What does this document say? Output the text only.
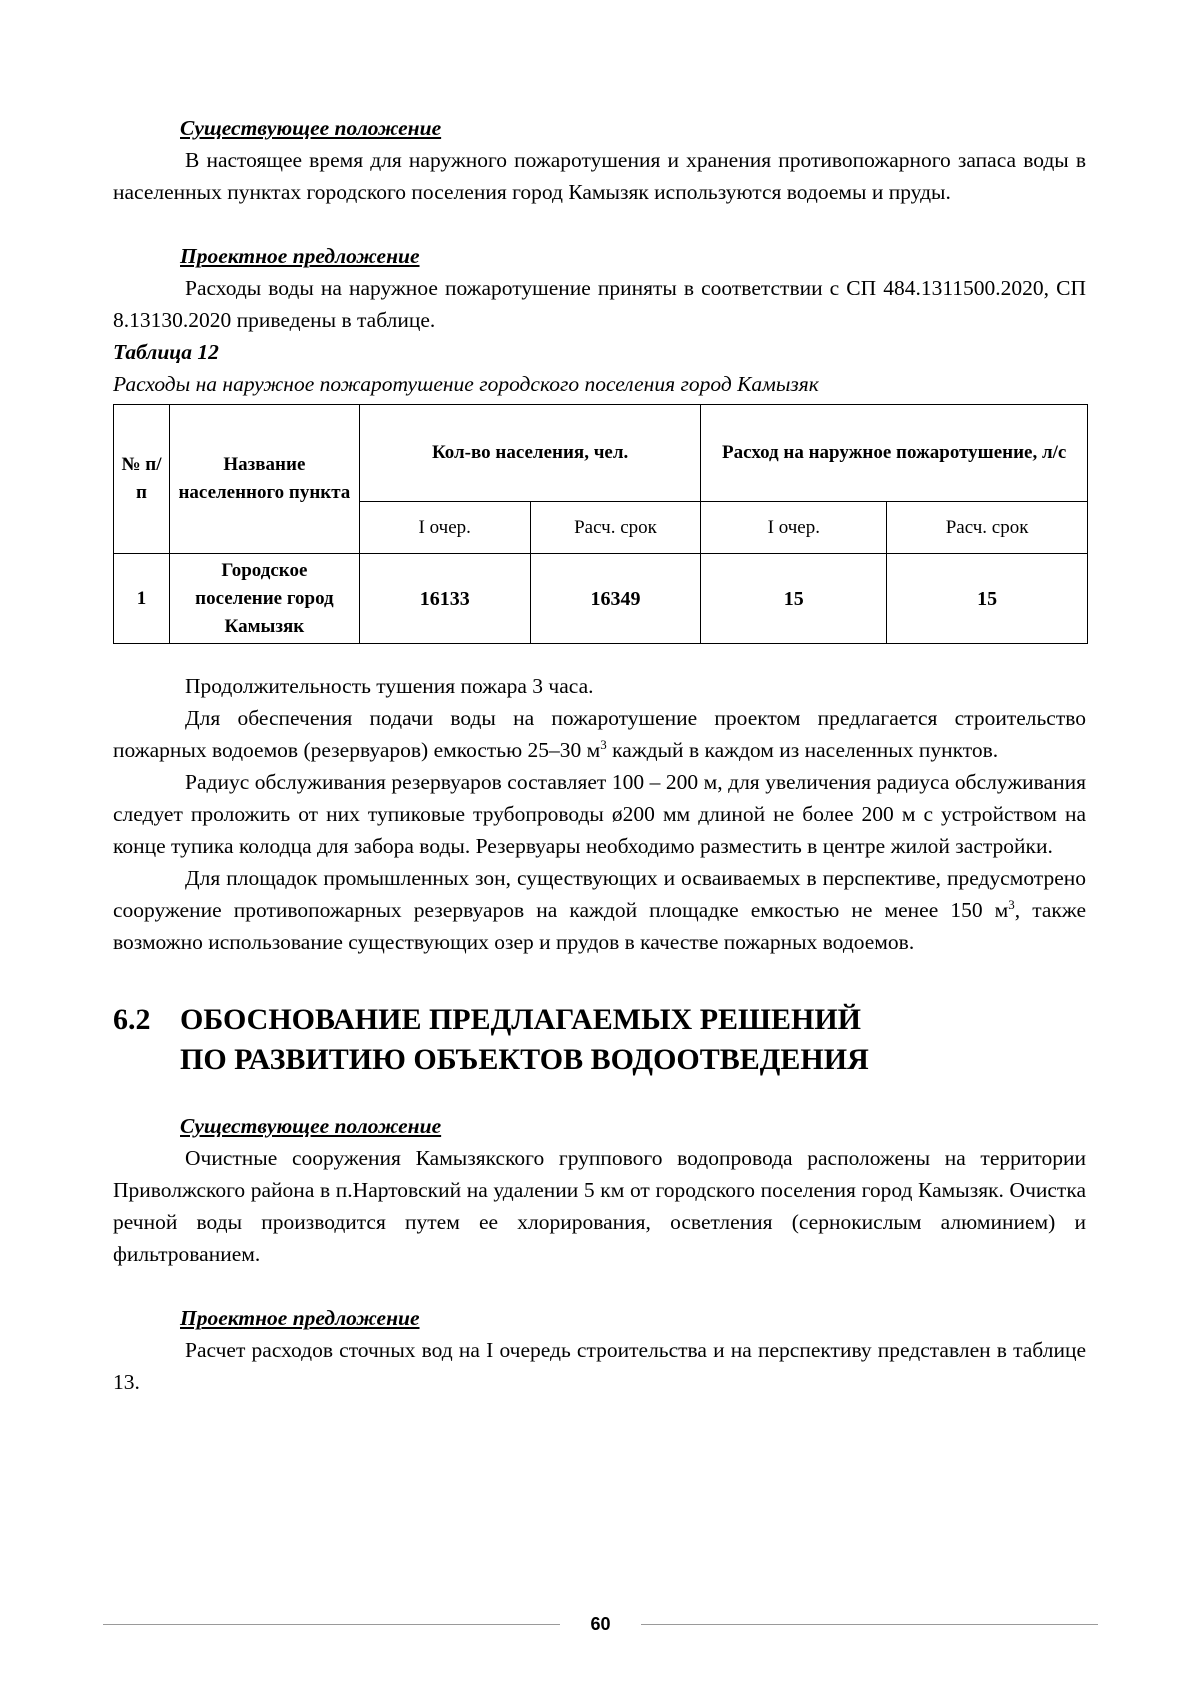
Существующее положение

В настоящее время для наружного пожаротушения и хранения противопожарного запаса воды в населенных пунктах городского поселения город Камызяк используются водоемы и пруды.

Проектное предложение

Расходы воды на наружное пожаротушение приняты в соответствии с СП 484.1311500.2020, СП 8.13130.2020 приведены в таблице.

Таблица 12
Расходы на наружное пожаротушение городского поселения город Камызяк
№ п/п	Название населенного пункта	Кол-во населения, чел.		Расход на наружное пожаротушение, л/с	
		I очер.	Расч. срок	I очер.	Расч. срок
1	Городское поселение город Камызяк	16133	16349	15	15

Продолжительность тушения пожара 3 часа.

Для обеспечения подачи воды на пожаротушение проектом предлагается строительство пожарных водоемов (резервуаров) емкостью 25–30 $м^3$ каждый в каждом из населенных пунктов.

Радиус обслуживания резервуаров составляет 100 – 200 м, для увеличения радиуса обслуживания следует проложить от них тупиковые трубопроводы ø200 мм длиной не более 200 м с устройством на конце тупика колодца для забора воды. Резервуары необходимо разместить в центре жилой застройки.

Для площадок промышленных зон, существующих и осваиваемых в перспективе, предусмотрено сооружение противопожарных резервуаров на каждой площадке емкостью не менее 150 $м^3$, также возможно использование существующих озер и прудов в качестве пожарных водоемов.

6.2 ОБОСНОВАНИЕ ПРЕДЛАГАЕМЫХ РЕШЕНИЙ
ПО РАЗВИТИЮ ОБЪЕКТОВ ВОДООТВЕДЕНИЯ
Существующее положение

Очистные сооружения Камызякского группового водопровода расположены на территории Приволжского района в п.Нартовский на удалении 5 км от городского поселения город Камызяк. Очистка речной воды производится путем ее хлорирования, осветления (сернокислым алюминием) и фильтрованием.

Проектное предложение

Расчет расходов сточных вод на I очередь строительства и на перспективу представлен в таблице 13.

60
